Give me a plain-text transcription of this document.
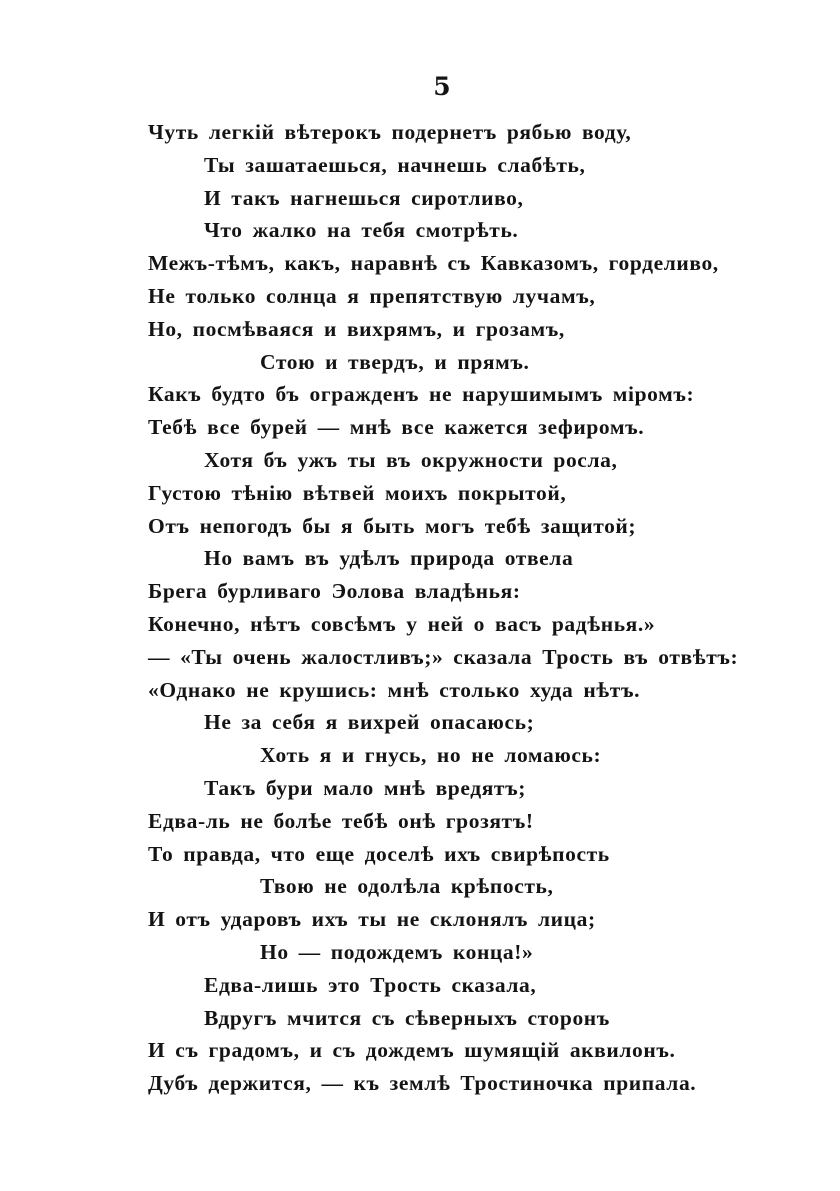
5
Чуть легкій вѣтерокъ подернетъ рябью воду,
Ты зашатаешься, начнешь слабѣть,
И такъ нагнешься сиротливо,
Что жалко на тебя смотрѣть.
Межъ-тѣмъ, какъ, наравнѣ съ Кавказомъ, горделиво,
Не только солнца я препятствую лучамъ,
Но, посмѣваяся и вихрямъ, и грозамъ,
Стою и твердъ, и прямъ.
Какъ будто бъ огражденъ не нарушимымъ міромъ:
Тебѣ все бурей — мнѣ все кажется зефиромъ.
Хотя бъ ужъ ты въ окружности росла,
Густою тѣнію вѣтвей моихъ покрытой,
Отъ непогодъ бы я быть могъ тебѣ защитой;
Но вамъ въ удѣлъ природа отвела
Брега бурливаго Эолова владѣнья:
Конечно, нѣтъ совсѣмъ у ней о васъ радѣнья.»
— «Ты очень жалостливъ;» сказала Трость въ отвѣтъ:
«Однако не крушись: мнѣ столько худа нѣтъ.
Не за себя я вихрей опасаюсь;
Хоть я и гнусь, но не ломаюсь:
Такъ бури мало мнѣ вредятъ;
Едва-ль не болѣе тебѣ онѣ грозятъ!
То правда, что еще доселѣ ихъ свирѣпость
Твою не одолѣла крѣпость,
И отъ ударовъ ихъ ты не склонялъ лица;
Но — подождемъ конца!»
Едва-лишь это Трость сказала,
Вдругъ мчится съ сѣверныхъ сторонъ
И съ градомъ, и съ дождемъ шумящій аквилонъ.
Дубъ держится, — къ землѣ Тростиночка припала.
